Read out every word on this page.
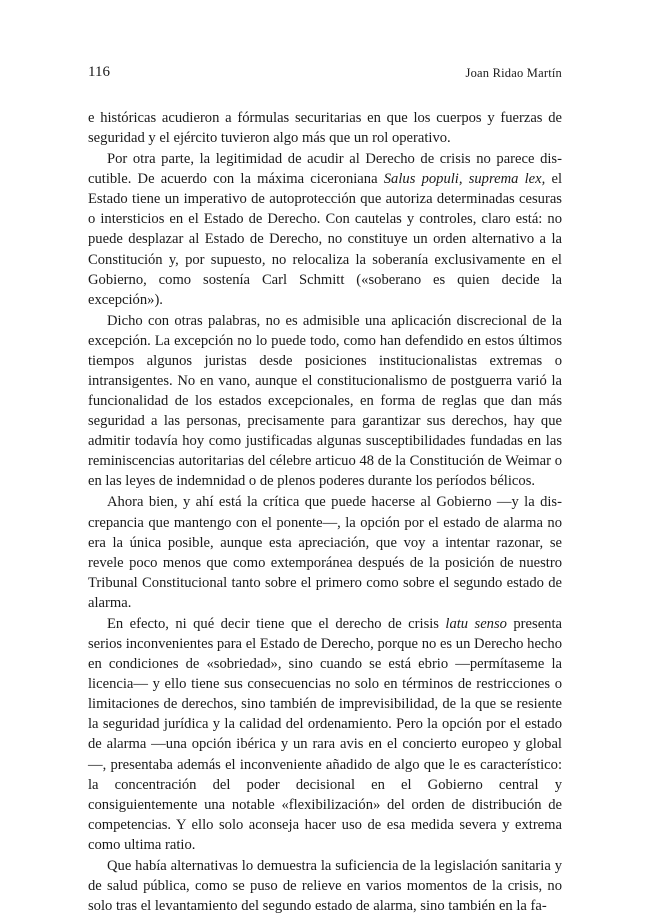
116	Joan Ridao Martín

e históricas acudieron a fórmulas securitarias en que los cuerpos y fuerzas de seguridad y el ejército tuvieron algo más que un rol operativo.

Por otra parte, la legitimidad de acudir al Derecho de crisis no parece discutible. De acuerdo con la máxima ciceroniana Salus populi, suprema lex, el Estado tiene un imperativo de autoprotección que autoriza determinadas cesuras o intersticios en el Estado de Derecho. Con cautelas y controles, claro está: no puede desplazar al Estado de Derecho, no constituye un orden alternativo a la Constitución y, por supuesto, no relocaliza la soberanía exclusivamente en el Gobierno, como sostenía Carl Schmitt («soberano es quien decide la excepción»).

Dicho con otras palabras, no es admisible una aplicación discrecional de la excepción. La excepción no lo puede todo, como han defendido en estos últimos tiempos algunos juristas desde posiciones institucionalistas extremas o intransigentes. No en vano, aunque el constitucionalismo de postguerra varió la funcionalidad de los estados excepcionales, en forma de reglas que dan más seguridad a las personas, precisamente para garantizar sus derechos, hay que admitir todavía hoy como justificadas algunas susceptibilidades fundadas en las reminiscencias autoritarias del célebre articuo 48 de la Constitución de Weimar o en las leyes de indemnidad o de plenos poderes durante los períodos bélicos.

Ahora bien, y ahí está la crítica que puede hacerse al Gobierno —y la discrepancia que mantengo con el ponente—, la opción por el estado de alarma no era la única posible, aunque esta apreciación, que voy a intentar razonar, se revele poco menos que como extemporánea después de la posición de nuestro Tribunal Constitucional tanto sobre el primero como sobre el segundo estado de alarma.

En efecto, ni qué decir tiene que el derecho de crisis latu senso presenta serios inconvenientes para el Estado de Derecho, porque no es un Derecho hecho en condiciones de «sobriedad», sino cuando se está ebrio —permítaseme la licencia— y ello tiene sus consecuencias no solo en términos de restricciones o limitaciones de derechos, sino también de imprevisibilidad, de la que se resiente la seguridad jurídica y la calidad del ordenamiento. Pero la opción por el estado de alarma —una opción ibérica y un rara avis en el concierto europeo y global—, presentaba además el inconveniente añadido de algo que le es característico: la concentración del poder decisional en el Gobierno central y consiguientemente una notable «flexibilización» del orden de distribución de competencias. Y ello solo aconseja hacer uso de esa medida severa y extrema como ultima ratio.

Que había alternativas lo demuestra la suficiencia de la legislación sanitaria y de salud pública, como se puso de relieve en varios momentos de la crisis, no solo tras el levantamiento del segundo estado de alarma, sino también en la fa-
